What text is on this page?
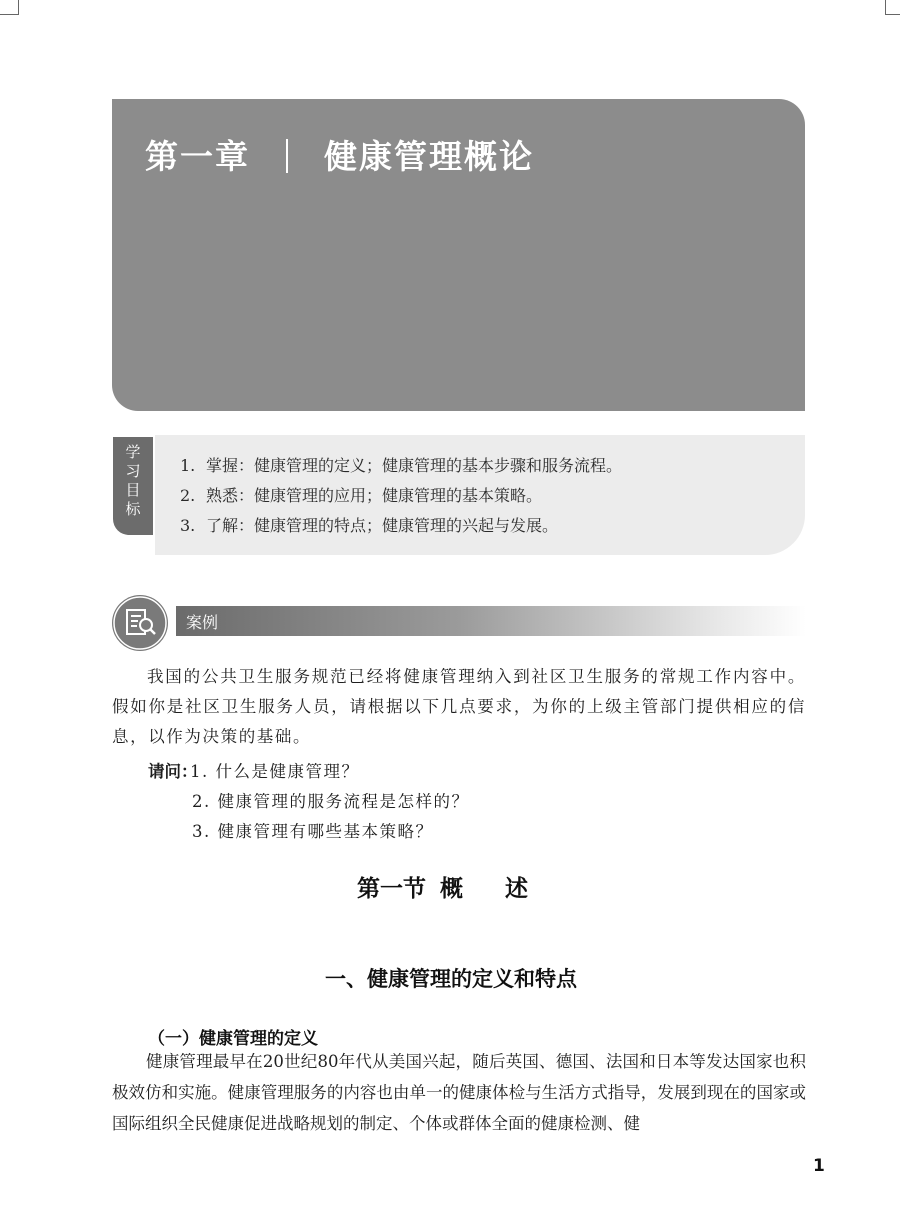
第一章 健康管理概论
1. 掌握：健康管理的定义；健康管理的基本步骤和服务流程。
2. 熟悉：健康管理的应用；健康管理的基本策略。
3. 了解：健康管理的特点；健康管理的兴起与发展。
学
习
目
标
案例

我国的公共卫生服务规范已经将健康管理纳入到社区卫生服务的常规工作内容中。假如你是社区卫生服务人员，请根据以下几点要求，为你的上级主管部门提供相应的信息，以作为决策的基础。

请问：
1. 什么是健康管理？
2. 健康管理的服务流程是怎样的？
3. 健康管理有哪些基本策略？
第一节 概 述
一、健康管理的定义和特点
（一）健康管理的定义

健康管理最早在20世纪80年代从美国兴起，随后英国、德国、法国和日本等发达国家也积极效仿和实施。健康管理服务的内容也由单一的健康体检与生活方式指导，发展到现在的国家或国际组织全民健康促进战略规划的制定、个体或群体全面的健康检测、健

1
